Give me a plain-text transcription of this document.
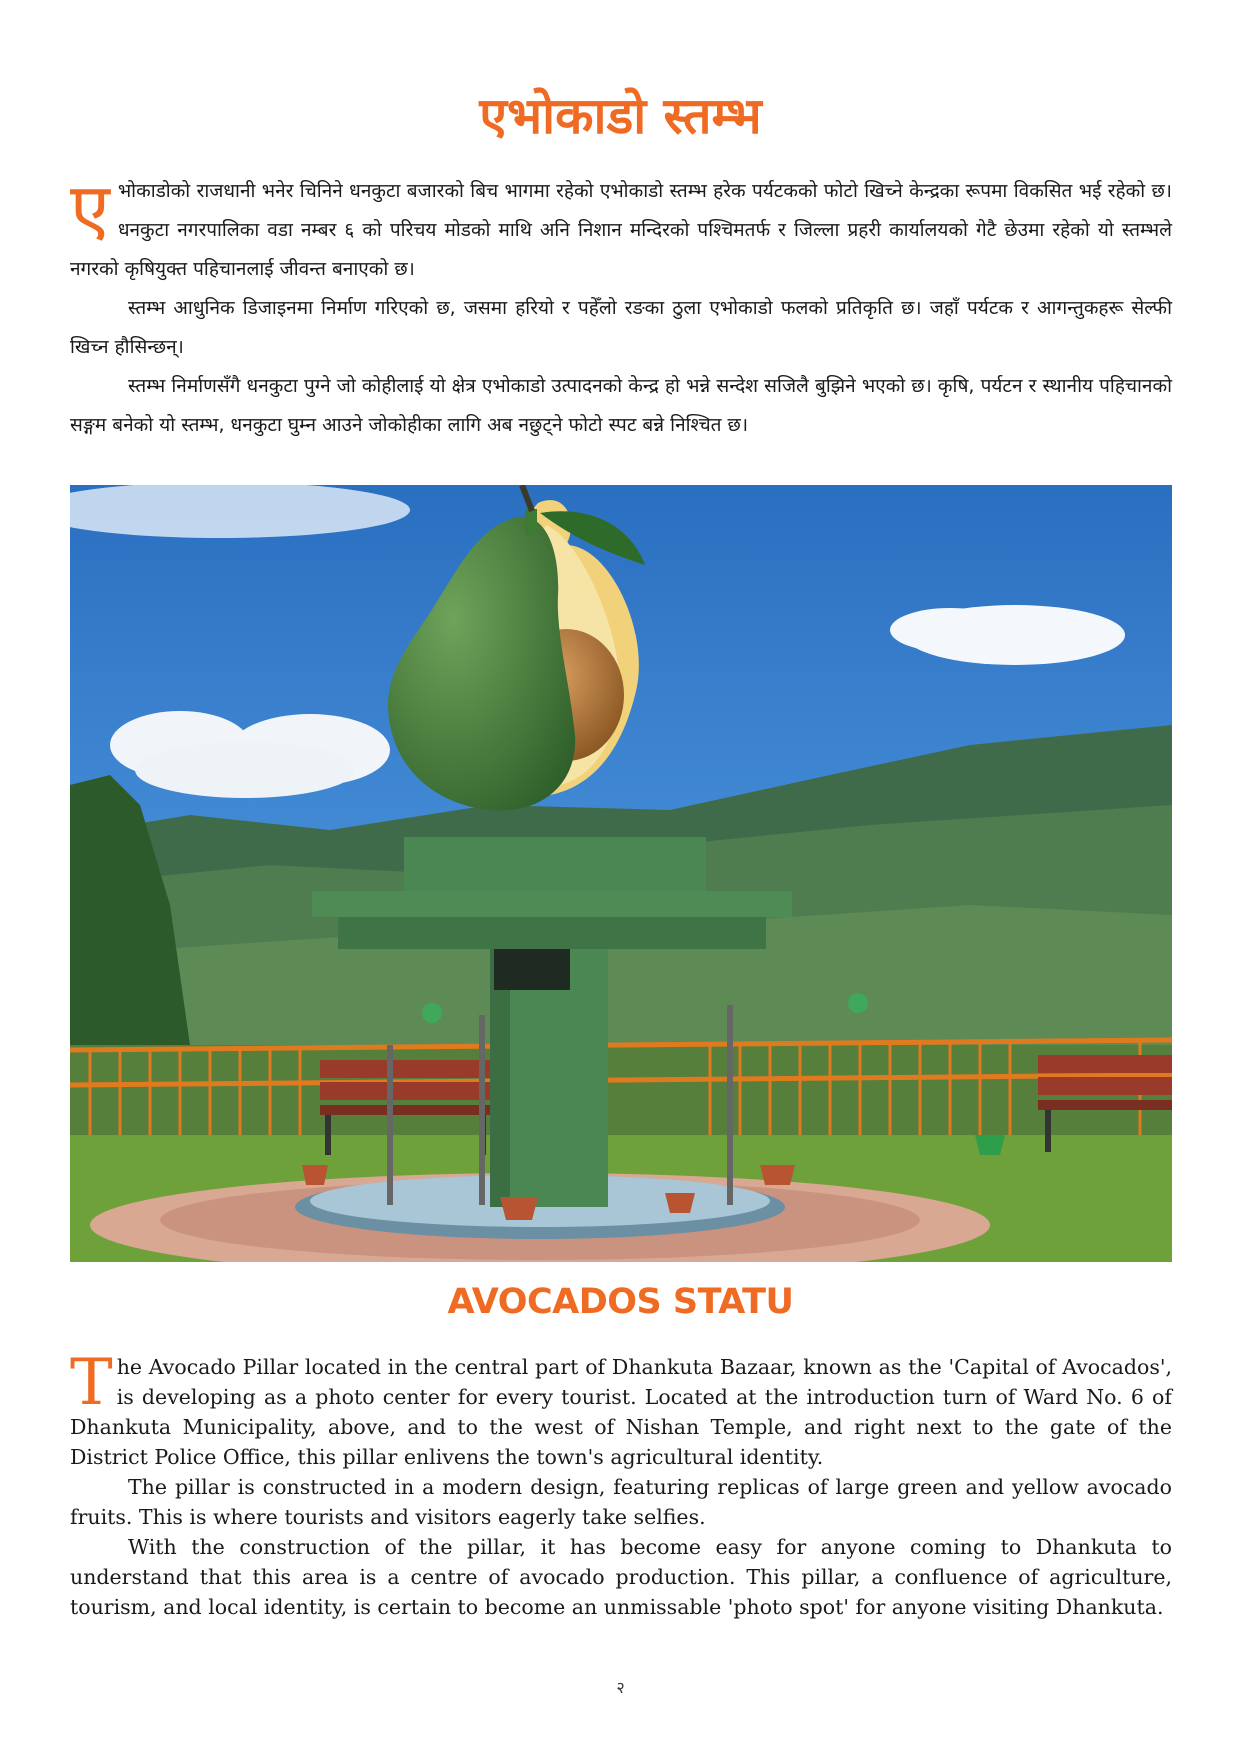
एभोकाडो स्तम्भ

एभोकाडोको राजधानी भनेर चिनिने धनकुटा बजारको बिच भागमा रहेको एभोकाडो स्तम्भ हरेक पर्यटकको फोटो खिच्ने केन्द्रका रूपमा विकसित भई रहेको छ। धनकुटा नगरपालिका वडा नम्बर ६ को परिचय मोडको माथि अनि निशान मन्दिरको पश्चिमतर्फ र जिल्ला प्रहरी कार्यालयको गेटै छेउमा रहेको यो स्तम्भले नगरको कृषियुक्त पहिचानलाई जीवन्त बनाएको छ।

स्तम्भ आधुनिक डिजाइनमा निर्माण गरिएको छ, जसमा हरियो र पहेँलो रङका ठुला एभोकाडो फलको प्रतिकृति छ। जहाँ पर्यटक र आगन्तुकहरू सेल्फी खिच्न हौसिन्छन्।

स्तम्भ निर्माणसँगै धनकुटा पुग्ने जो कोहीलाई यो क्षेत्र एभोकाडो उत्पादनको केन्द्र हो भन्ने सन्देश सजिलै बुझिने भएको छ। कृषि, पर्यटन र स्थानीय पहिचानको सङ्गम बनेको यो स्तम्भ, धनकुटा घुम्न आउने जोकोहीका लागि अब नछुट्ने फोटो स्पट बन्ने निश्चित छ।

AVOCADOS STATU

The Avocado Pillar located in the central part of Dhankuta Bazaar, known as the 'Capital of Avocados', is developing as a photo center for every tourist. Located at the introduction turn of Ward No. 6 of Dhankuta Municipality, above, and to the west of Nishan Temple, and right next to the gate of the District Police Office, this pillar enlivens the town's agricultural identity.

The pillar is constructed in a modern design, featuring replicas of large green and yellow avocado fruits. This is where tourists and visitors eagerly take selfies.

With the construction of the pillar, it has become easy for anyone coming to Dhankuta to understand that this area is a centre of avocado production. This pillar, a confluence of agriculture, tourism, and local identity, is certain to become an unmissable 'photo spot' for anyone visiting Dhankuta.

२
